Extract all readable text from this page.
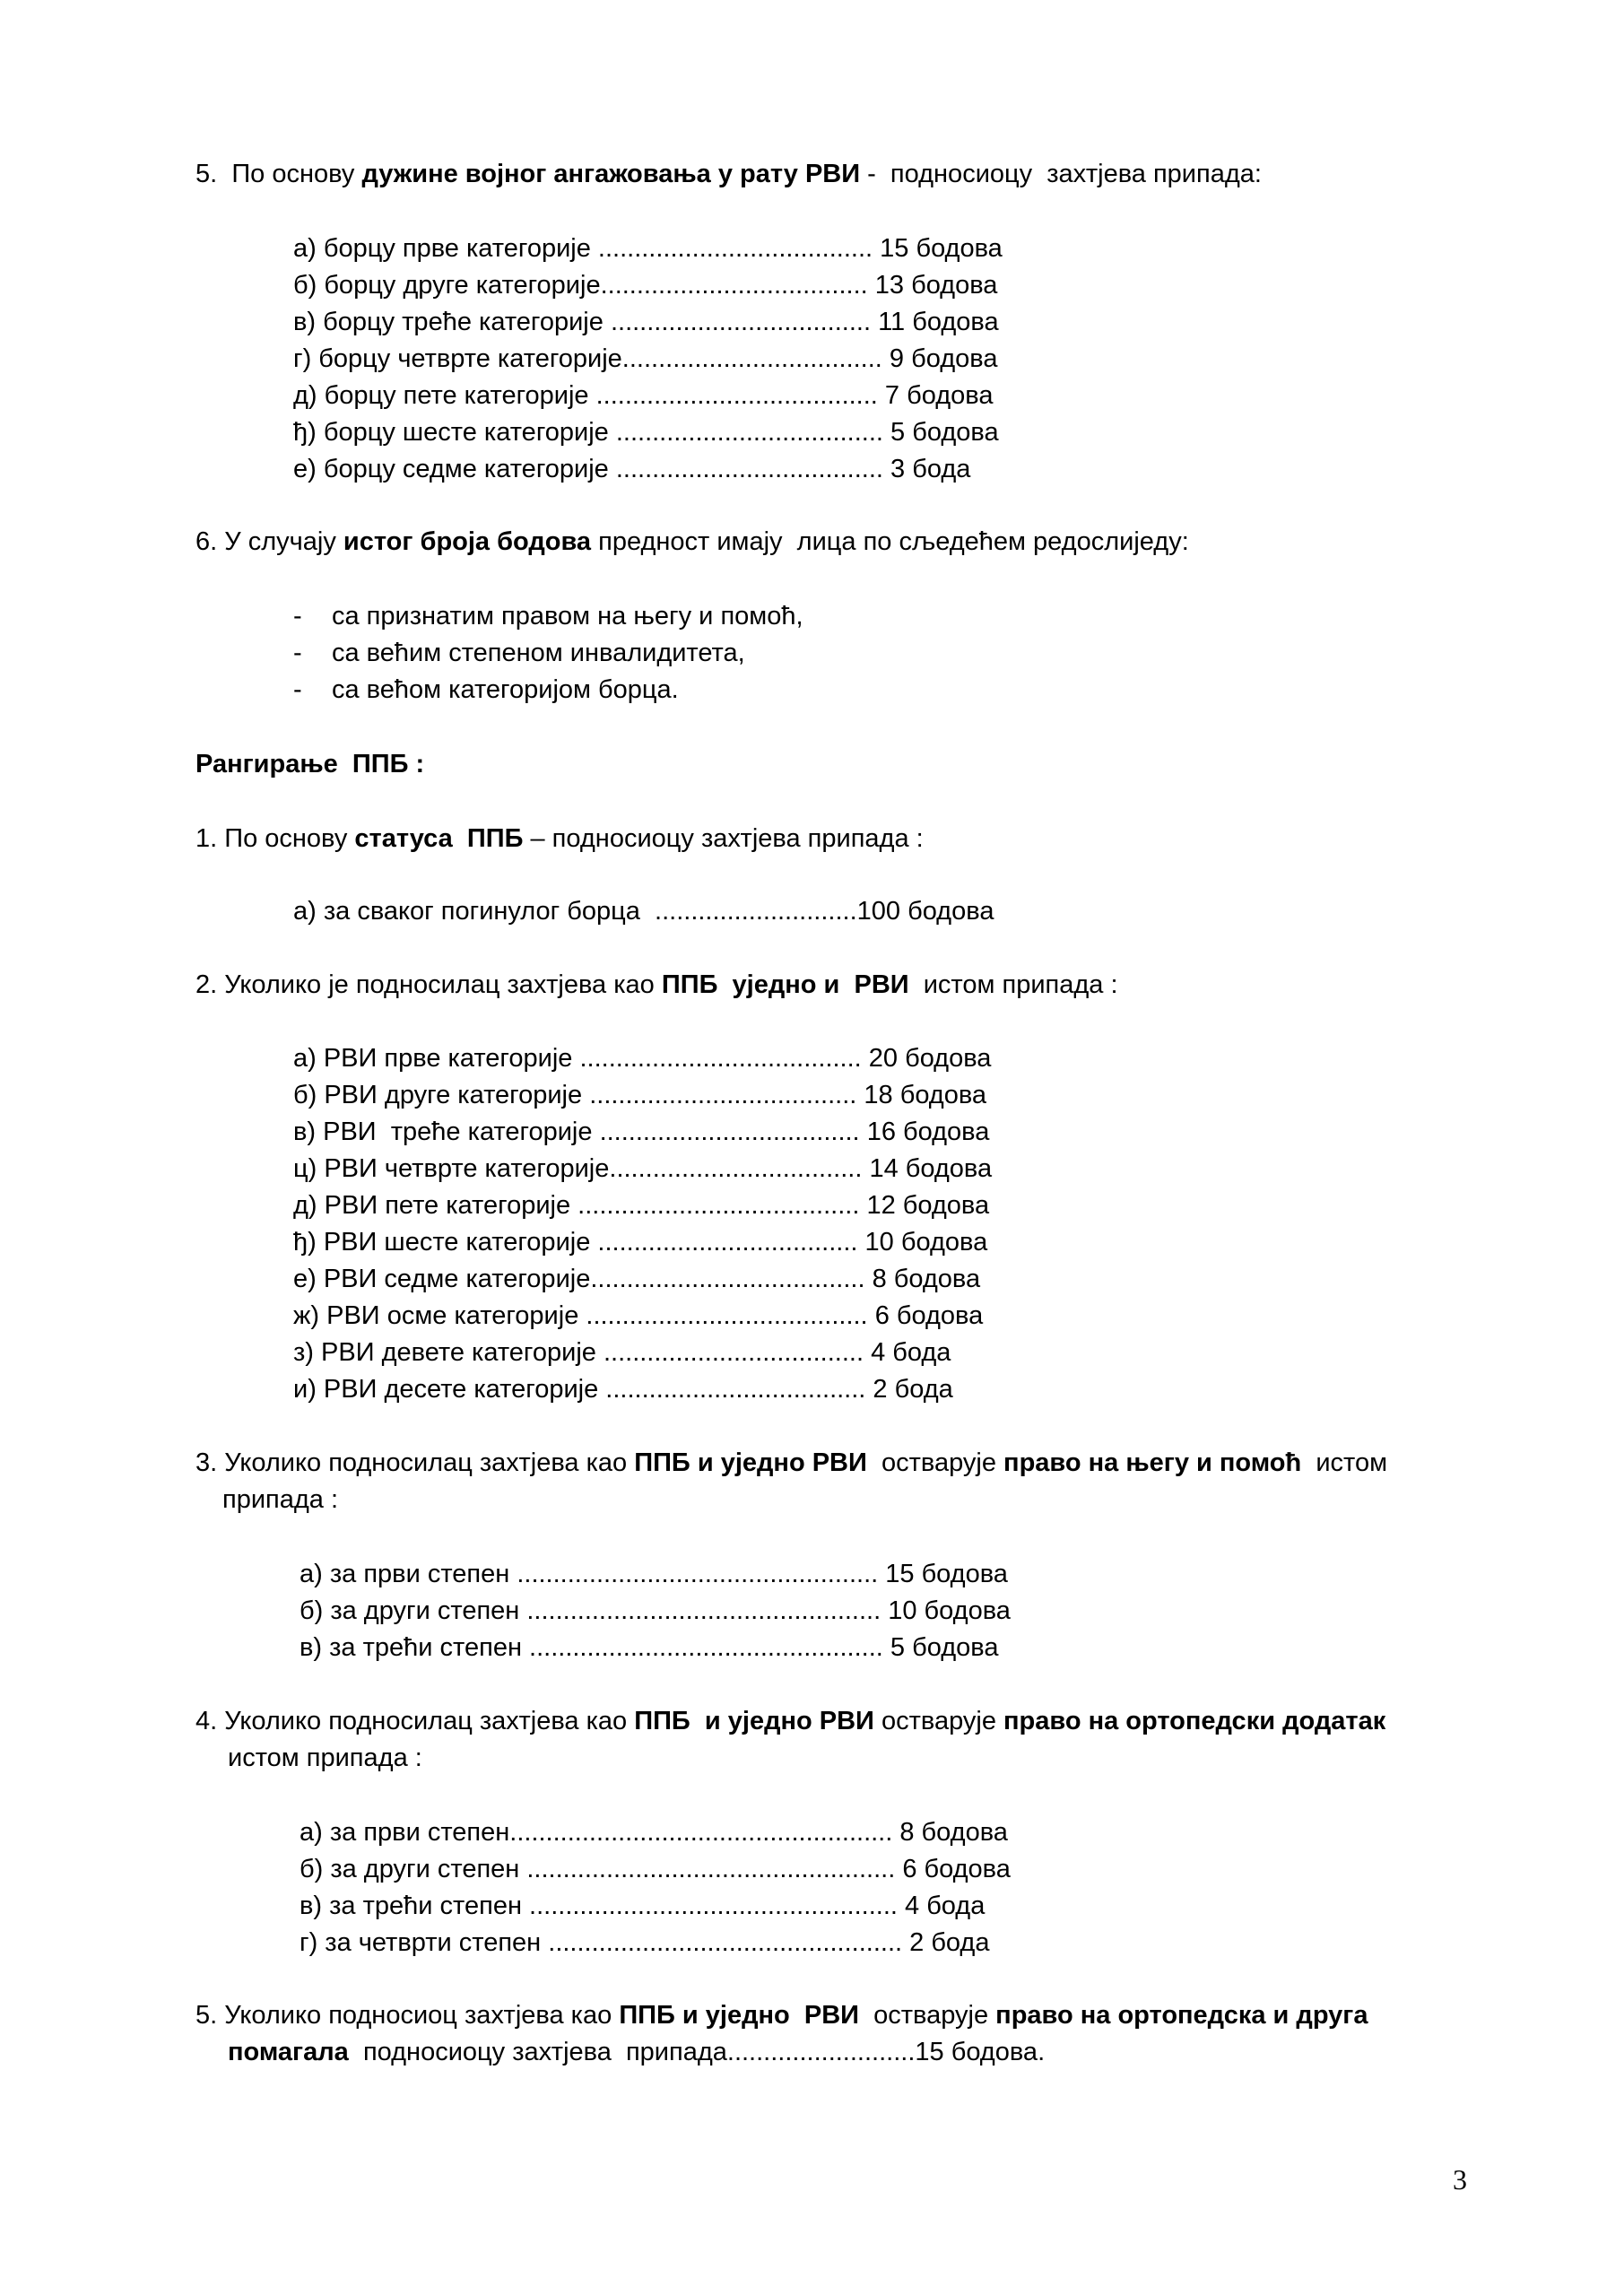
5. По основу дужине војног ангажовања у рату РВИ -  подносиоцу  захтјева припада:
а) борцу прве категорије ...................................... 15 бодова
б) борцу друге категорије..................................... 13 бодова
в) борцу треће категорије .................................... 11 бодова
г) борцу четврте категорије.................................... 9 бодова
д) борцу пете категорије ....................................... 7 бодова
ђ) борцу шесте категорије ..................................... 5 бодова
е) борцу седме категорије ..................................... 3 бода
6. У случају истог броја бодова предност имају  лица по сљедећем редослиједу:
- са признатим правом на његу и помоћ,
- са већим степеном инвалидитета,
- са већом категоријом борца.
Рангирање  ППБ :
1. По основу статуса  ППБ – подносиоцу захтјева припада :
а) за сваког погинулог борца  ............................100 бодова
2. Уколико је подносилац захтјева као ППБ  уједно и  РВИ истом припада :
а) РВИ прве категорије ....................................... 20 бодова
б) РВИ друге категорије ..................................... 18 бодова
в) РВИ  треће категорије .................................... 16 бодова
ц) РВИ четврте категорије................................... 14 бодова
д) РВИ пете категорије ....................................... 12 бодова
ђ) РВИ шесте категорије .................................... 10 бодова
е) РВИ седме категорије...................................... 8 бодова
ж) РВИ осме категорије ....................................... 6 бодова
з) РВИ девете категорије .................................... 4 бода
и) РВИ десете категорије .................................... 2 бода
3. Уколико подносилац захтјева као ППБ и уједно РВИ остварује право на његу и помоћ истом
припада :
а) за први степен .................................................. 15 бодова
б) за други степен ................................................. 10 бодова
в) за трећи степен ................................................. 5 бодова
4. Уколико подносилац захтјева као ППБ  и уједно РВИ остварује право на ортопедски додатак
истом припада :
а) за први степен..................................................... 8 бодова
б) за други степен ................................................... 6 бодова
в) за трећи степен ................................................... 4 бода
г) за четврти степен ................................................. 2 бода
5. Уколико подносиоц захтјева као ППБ и уједно  РВИ остварује право на ортопедска и друга
помагала подносиоцу захтјева  припада..........................15 бодова.
3
